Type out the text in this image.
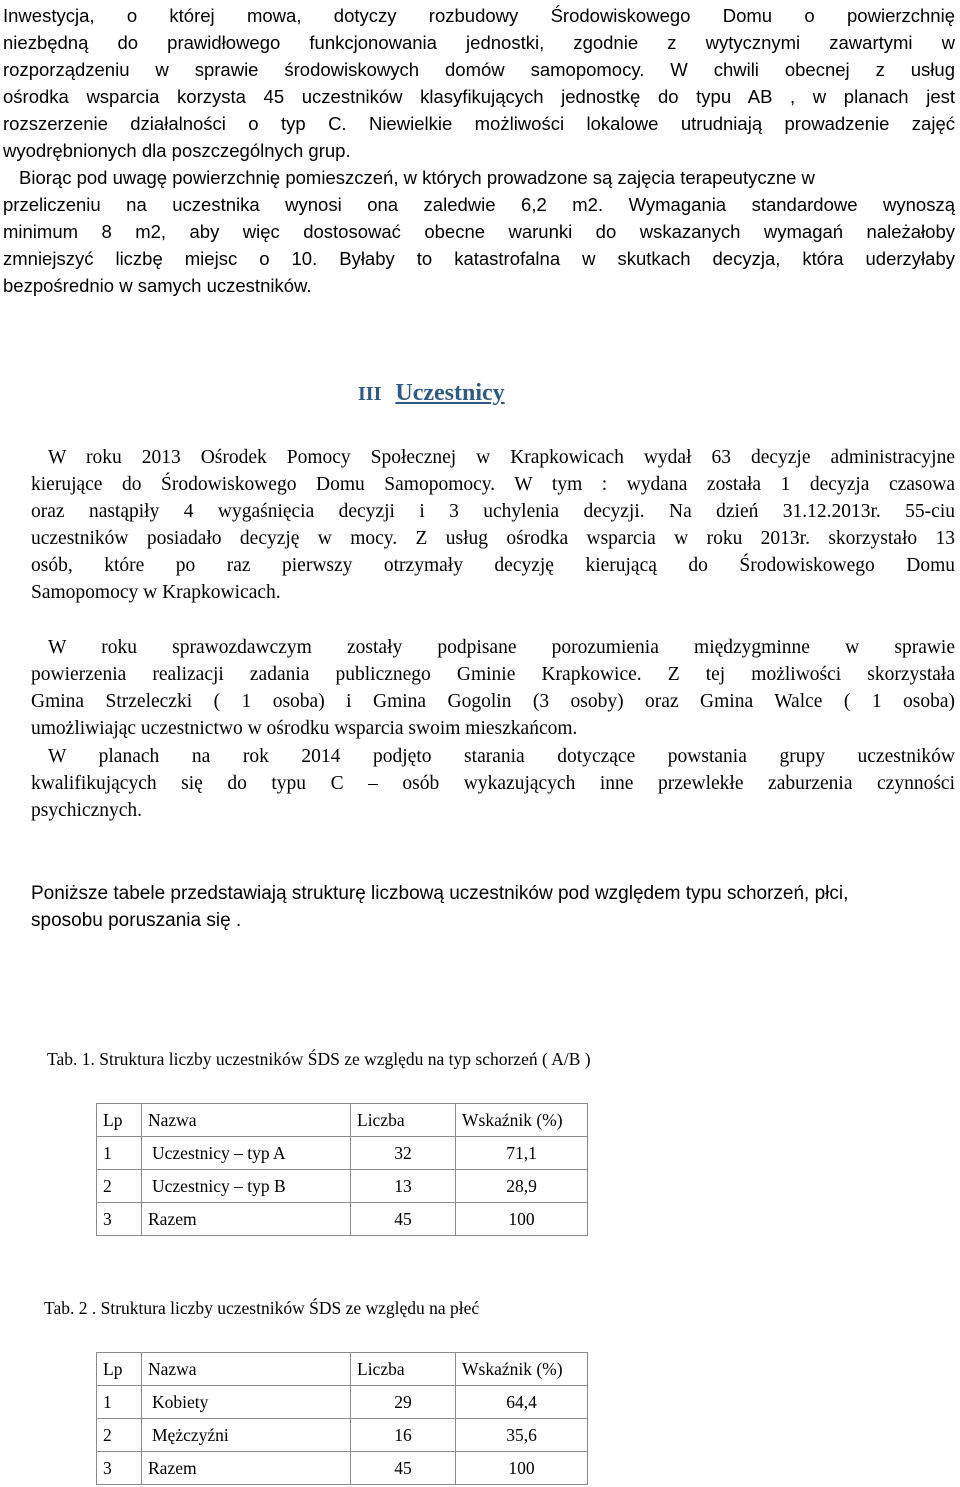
Inwestycja, o której mowa, dotyczy rozbudowy Środowiskowego Domu o powierzchnię
niezbędną do prawidłowego funkcjonowania jednostki, zgodnie z wytycznymi zawartymi w
rozporządzeniu w sprawie środowiskowych domów samopomocy. W chwili obecnej z usług
ośrodka wsparcia korzysta 45 uczestników klasyfikujących jednostkę do typu AB , w planach jest
rozszerzenie działalności o typ C. Niewielkie możliwości lokalowe utrudniają prowadzenie zajęć
wyodrębnionych dla poszczególnych grup.
Biorąc pod uwagę powierzchnię pomieszczeń, w których prowadzone są zajęcia terapeutyczne w
przeliczeniu na uczestnika wynosi ona zaledwie 6,2 m2. Wymagania standardowe wynoszą
minimum 8 m2, aby więc dostosować obecne warunki do wskazanych wymagań należałoby
zmniejszyć liczbę miejsc o 10. Byłaby to katastrofalna w skutkach decyzja, która uderzyłaby
bezpośrednio w samych uczestników.
III Uczestnicy
W roku 2013 Ośrodek Pomocy Społecznej w Krapkowicach wydał 63 decyzje administracyjne
kierujące do Środowiskowego Domu Samopomocy. W tym : wydana została 1 decyzja czasowa
oraz nastąpiły 4 wygaśnięcia decyzji i 3 uchylenia decyzji. Na dzień 31.12.2013r. 55-ciu
uczestników posiadało decyzję w mocy. Z usług ośrodka wsparcia w roku 2013r. skorzystało 13
osób, które po raz pierwszy otrzymały decyzję kierującą do Środowiskowego Domu
Samopomocy w Krapkowicach.
W roku sprawozdawczym zostały podpisane porozumienia międzygminne w sprawie
powierzenia realizacji zadania publicznego Gminie Krapkowice. Z tej możliwości skorzystała
Gmina Strzeleczki ( 1 osoba) i Gmina Gogolin (3 osoby) oraz Gmina Walce ( 1 osoba)
umożliwiając uczestnictwo w ośrodku wsparcia swoim mieszkańcom.
W planach na rok 2014 podjęto starania dotyczące powstania grupy uczestników
kwalifikujących się do typu C – osób wykazujących inne przewlekłe zaburzenia czynności
psychicznych.
Poniższe tabele przedstawiają strukturę liczbową uczestników pod względem typu schorzeń, płci,
sposobu poruszania się .
Tab. 1. Struktura liczby uczestników ŚDS ze względu na typ schorzeń ( A/B )
Lp	Nazwa	Liczba	Wskaźnik (%)
1	Uczestnicy – typ A	32	71,1
2	Uczestnicy – typ B	13	28,9
3	Razem	45	100
Tab. 2 . Struktura liczby uczestników ŚDS ze względu na płeć
Lp	Nazwa	Liczba	Wskaźnik (%)
1	Kobiety	29	64,4
2	Mężczyźni	16	35,6
3	Razem	45	100
